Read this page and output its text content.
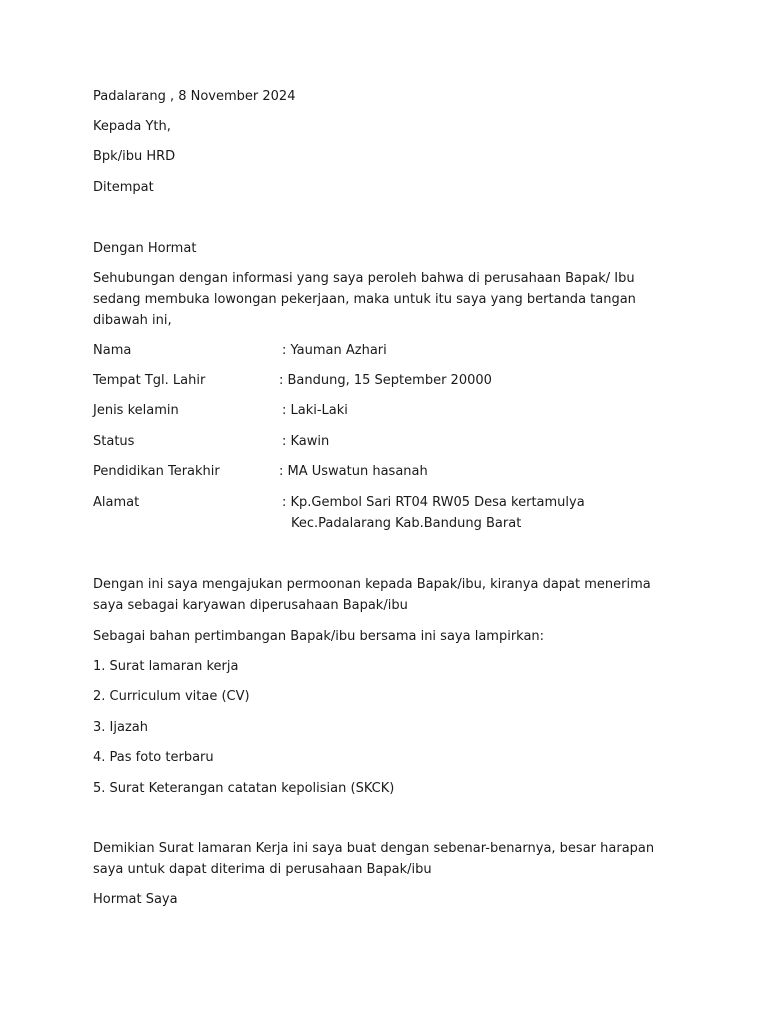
Padalarang , 8 November 2024
Kepada Yth,
Bpk/ibu HRD
Ditempat
Dengan Hormat
Sehubungan dengan informasi yang saya peroleh bahwa di perusahaan Bapak/ Ibu
sedang membuka lowongan pekerjaan, maka untuk itu saya yang bertanda tangan
dibawah ini,
Nama	: Yauman Azhari
Tempat Tgl. Lahir	: Bandung, 15 September 20000
Jenis kelamin	: Laki-Laki
Status	: Kawin
Pendidikan Terakhir	: MA Uswatun hasanah
Alamat	: Kp.Gembol Sari RT04 RW05 Desa kertamulya
Kec.Padalarang Kab.Bandung Barat
Dengan ini saya mengajukan permoonan kepada Bapak/ibu, kiranya dapat menerima
saya sebagai karyawan diperusahaan Bapak/ibu
Sebagai bahan pertimbangan Bapak/ibu bersama ini saya lampirkan:
1. Surat lamaran kerja
2. Curriculum vitae (CV)
3. Ijazah
4. Pas foto terbaru
5. Surat Keterangan catatan kepolisian (SKCK)
Demikian Surat lamaran Kerja ini saya buat dengan sebenar-benarnya, besar harapan
saya untuk dapat diterima di perusahaan Bapak/ibu
Hormat Saya
